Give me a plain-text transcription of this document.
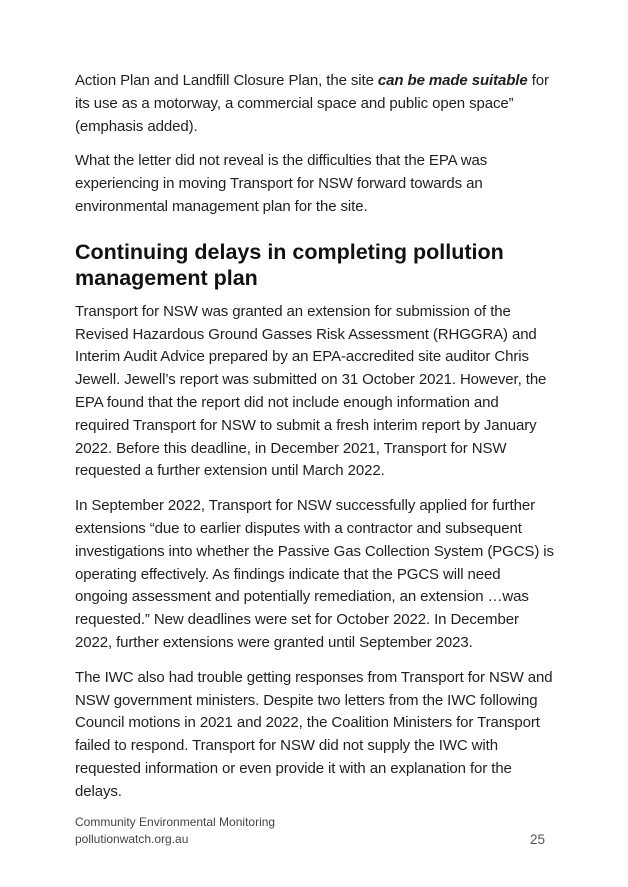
Action Plan and Landfill Closure Plan, the site can be made suitable for its use as a motorway, a commercial space and public open space” (emphasis added).

What the letter did not reveal is the difficulties that the EPA was experiencing in moving Transport for NSW forward towards an environmental management plan for the site.

Continuing delays in completing pollution management plan

Transport for NSW was granted an extension for submission of the Revised Hazardous Ground Gasses Risk Assessment (RHGGRA) and Interim Audit Advice prepared by an EPA-accredited site auditor Chris Jewell. Jewell’s report was submitted on 31 October 2021. However, the EPA found that the report did not include enough information and required Transport for NSW to submit a fresh interim report by January 2022. Before this deadline, in December 2021, Transport for NSW requested a further extension until March 2022.

In September 2022, Transport for NSW successfully applied for further extensions “due to earlier disputes with a contractor and subsequent investigations into whether the Passive Gas Collection System (PGCS) is operating effectively. As findings indicate that the PGCS will need ongoing assessment and potentially remediation, an extension …was requested.” New deadlines were set for October 2022. In December 2022, further extensions were granted until September 2023.

The IWC also had trouble getting responses from Transport for NSW and NSW government ministers. Despite two letters from the IWC following Council motions in 2021 and 2022, the Coalition Ministers for Transport failed to respond. Transport for NSW did not supply the IWC with requested information or even provide it with an explanation for the delays.

Community Environmental Monitoring
pollutionwatch.org.au	25
